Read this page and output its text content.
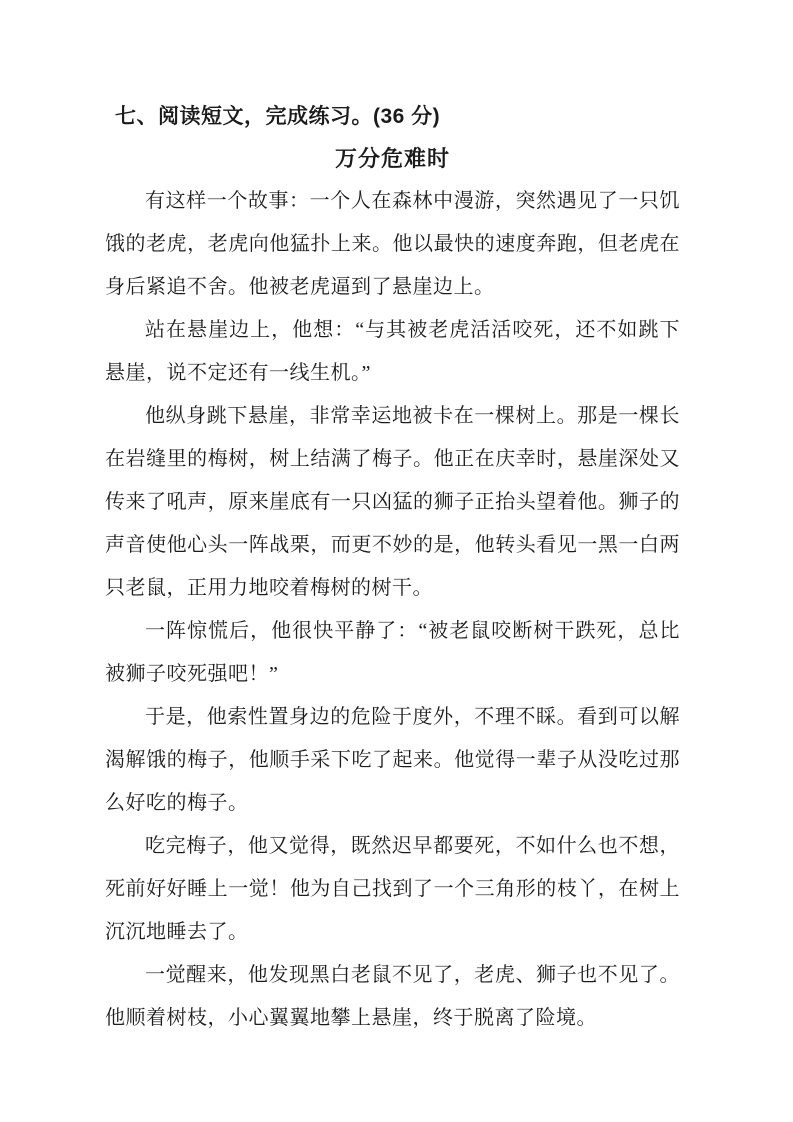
七、阅读短文，完成练习。(36 分)
万分危难时

有这样一个故事：一个人在森林中漫游，突然遇见了一只饥饿的老虎，老虎向他猛扑上来。他以最快的速度奔跑，但老虎在身后紧追不舍。他被老虎逼到了悬崖边上。

站在悬崖边上，他想：“与其被老虎活活咬死，还不如跳下悬崖，说不定还有一线生机。”

他纵身跳下悬崖，非常幸运地被卡在一棵树上。那是一棵长在岩缝里的梅树，树上结满了梅子。他正在庆幸时，悬崖深处又传来了吼声，原来崖底有一只凶猛的狮子正抬头望着他。狮子的声音使他心头一阵战栗，而更不妙的是，他转头看见一黑一白两只老鼠，正用力地咬着梅树的树干。

一阵惊慌后，他很快平静了：“被老鼠咬断树干跌死，总比被狮子咬死强吧！”

于是，他索性置身边的危险于度外，不理不睬。看到可以解渴解饿的梅子，他顺手采下吃了起来。他觉得一辈子从没吃过那么好吃的梅子。

吃完梅子，他又觉得，既然迟早都要死，不如什么也不想，死前好好睡上一觉！他为自己找到了一个三角形的枝丫，在树上沉沉地睡去了。

一觉醒来，他发现黑白老鼠不见了，老虎、狮子也不见了。他顺着树枝，小心翼翼地攀上悬崖，终于脱离了险境。
